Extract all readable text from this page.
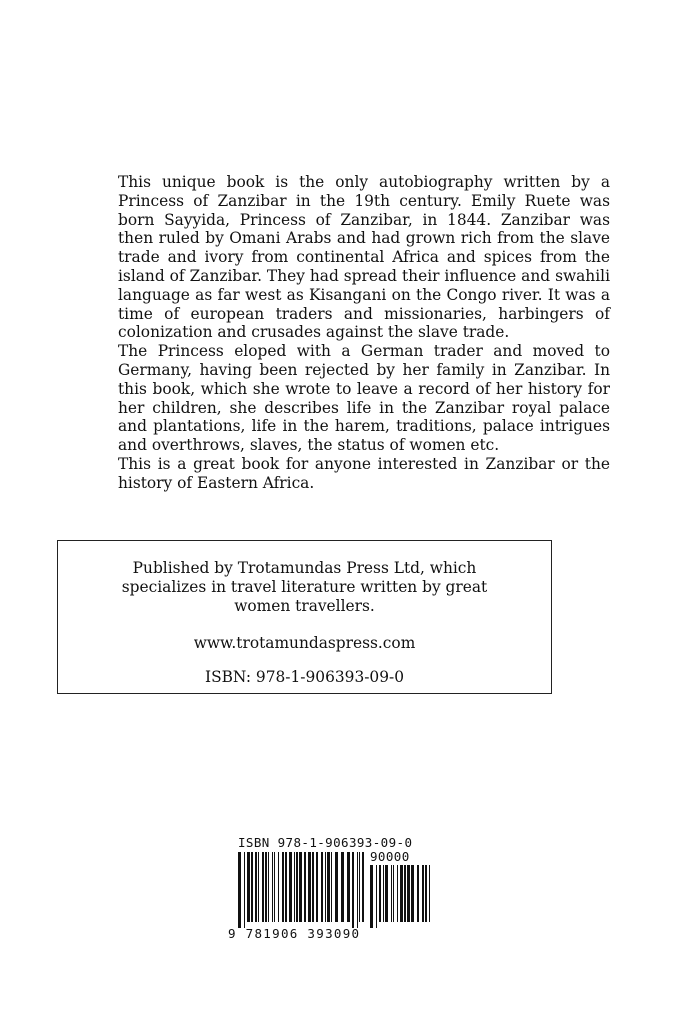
This unique book is the only autobiography written by a Princess of Zanzibar in the 19th century. Emily Ruete was born Sayyida, Princess of Zanzibar, in 1844. Zanzibar was then ruled by Omani Arabs and had grown rich from the slave trade and ivory from continental Africa and spices from the island of Zanzibar. They had spread their influence and swahili language as far west as Kisangani on the Congo river. It was a time of european traders and missionaries, harbingers of colonization and crusades against the slave trade.

The Princess eloped with a German trader and moved to Germany, having been rejected by her family in Zanzibar. In this book, which she wrote to leave a record of her history for her children, she describes life in the Zanzibar royal palace and plantations, life in the harem, traditions, palace intrigues and overthrows, slaves, the status of women etc.

This is a great book for anyone interested in Zanzibar or the history of Eastern Africa.

Published by Trotamundas Press Ltd, which specializes in travel literature written by great women travellers.
www.trotamundaspress.com
ISBN: 978-1-906393-09-0
ISBN 978-1-906393-09-0
90000
9 781906 393090
